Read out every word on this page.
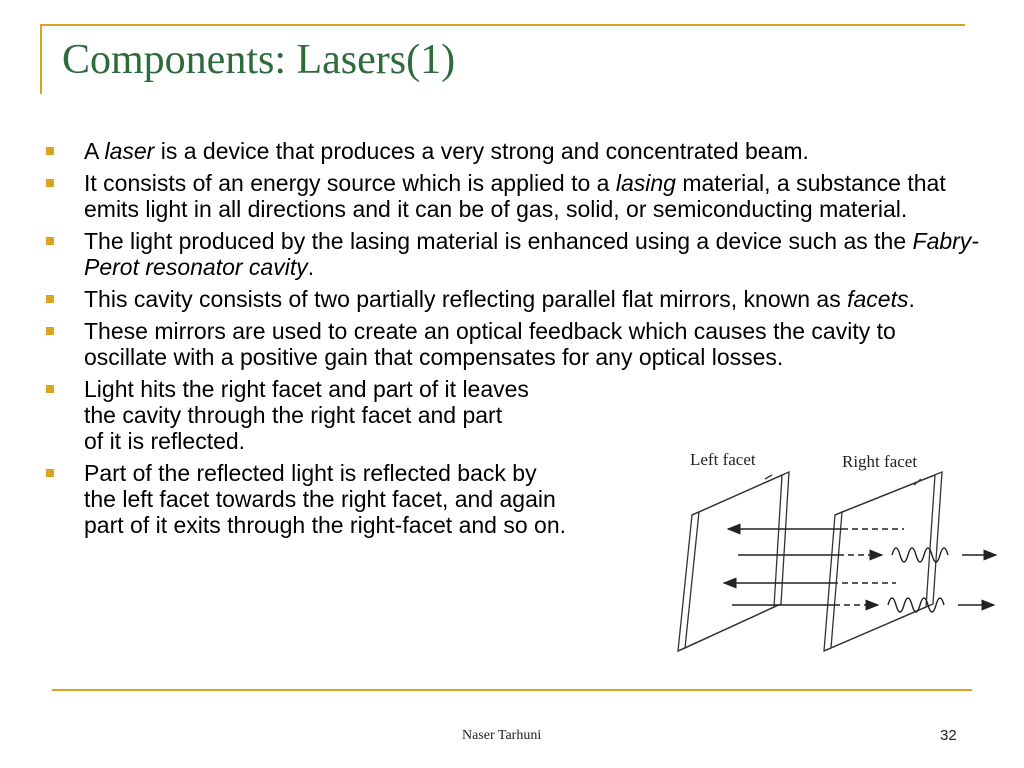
Components: Lasers(1)
A laser is a device that produces a very strong and concentrated beam.
It consists of an energy source which is applied to a lasing material, a substance that emits light in all directions and it can be of gas, solid, or semiconducting material.
The light produced by the lasing material is enhanced using a device such as the Fabry-Perot resonator cavity.
This cavity consists of two partially reflecting parallel flat mirrors, known as facets.
These mirrors are used to create an optical feedback which causes the cavity to oscillate with a positive gain that compensates for any optical losses.
Light hits the right facet and part of it leaves
the cavity through the right facet and part
of it is reflected.
Part of the reflected light is reflected back by
the left facet towards the right facet, and again
part of it exits through the right-facet and so on.
Left facet	Right facet
Naser Tarhuni	32
